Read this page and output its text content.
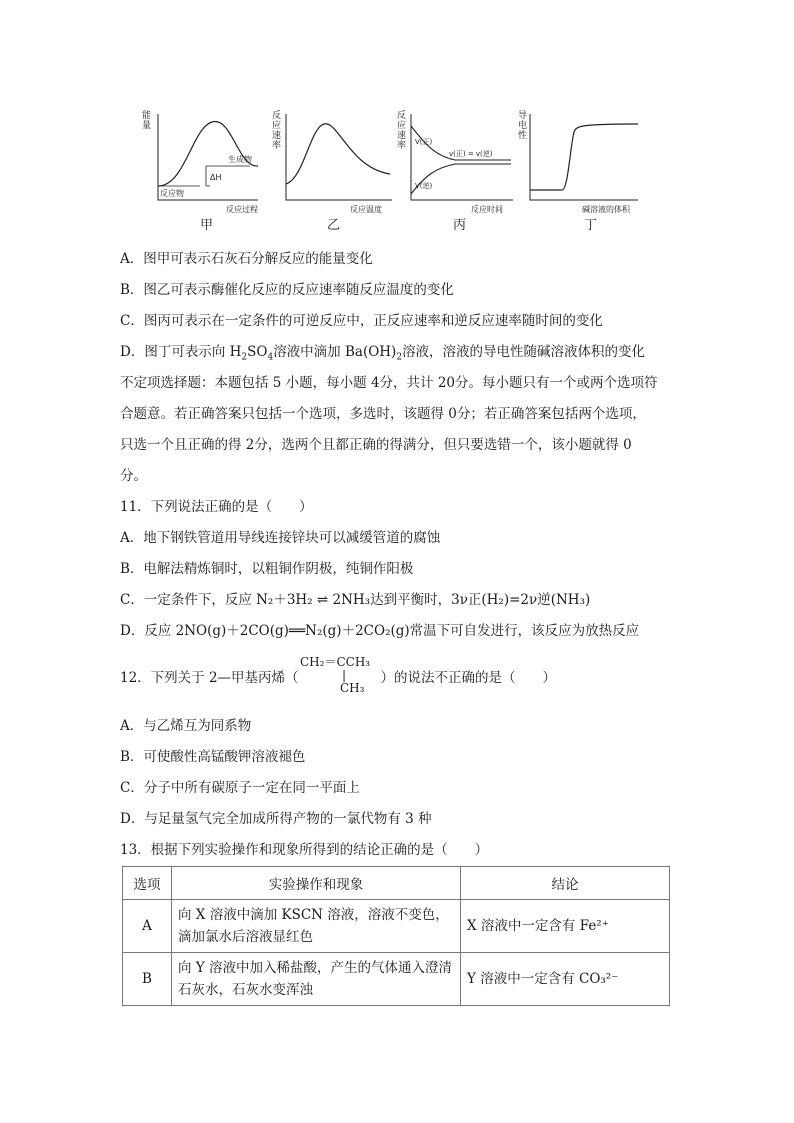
能
量
反应物
生成物
ΔH
反应过程
甲
反
应
速
率
反应温度
乙
反
应
速
率 V(正)
V(逆)
v(正) = v(逆)
反应时间
丙
导
电
性
碱溶液的体积
丁
A．图甲可表示石灰石分解反应的能量变化
B．图乙可表示酶催化反应的反应速率随反应温度的变化
C．图丙可表示在一定条件的可逆反应中，正反应速率和逆反应速率随时间的变化
D．图丁可表示向 $H_2SO_4$溶液中滴加 $Ba(OH)_2$溶液，溶液的导电性随碱溶液体积的变化
不定项选择题：本题包括 5 小题，每小题 4分，共计 20分。每小题只有一个或两个选项符
合题意。若正确答案只包括一个选项，多选时，该题得 0分；若正确答案包括两个选项，
只选一个且正确的得 2分，选两个且都正确的得满分，但只要选错一个，该小题就得 0
分。
11．下列说法正确的是（　　）
A．地下钢铁管道用导线连接锌块可以减缓管道的腐蚀
B．电解法精炼铜时，以粗铜作阴极，纯铜作阳极
C．一定条件下，反应 N₂＋3H₂ ⇌ 2NH₃达到平衡时，3ν正(H₂)=2ν逆(NH₃)
D．反应 2NO(g)＋2CO(g)══N₂(g)＋2CO₂(g)常温下可自发进行，该反应为放热反应
12．下列关于 2—甲基丙烯（	）的说法不正确的是（　　）
CH₂＝CCH₃
|
CH₃
A．与乙烯互为同系物
B．可使酸性高锰酸钾溶液褪色
C．分子中所有碳原子一定在同一平面上
D．与足量氢气完全加成所得产物的一氯代物有 3 种
13．根据下列实验操作和现象所得到的结论正确的是（　　）
选项	实验操作和现象	结论
A	向 X 溶液中滴加 KSCN 溶液，溶液不变色，
滴加氯水后溶液显红色	X 溶液中一定含有 Fe²⁺
B	向 Y 溶液中加入稀盐酸，产生的气体通入澄清
石灰水，石灰水变浑浊	Y 溶液中一定含有 CO₃²⁻
